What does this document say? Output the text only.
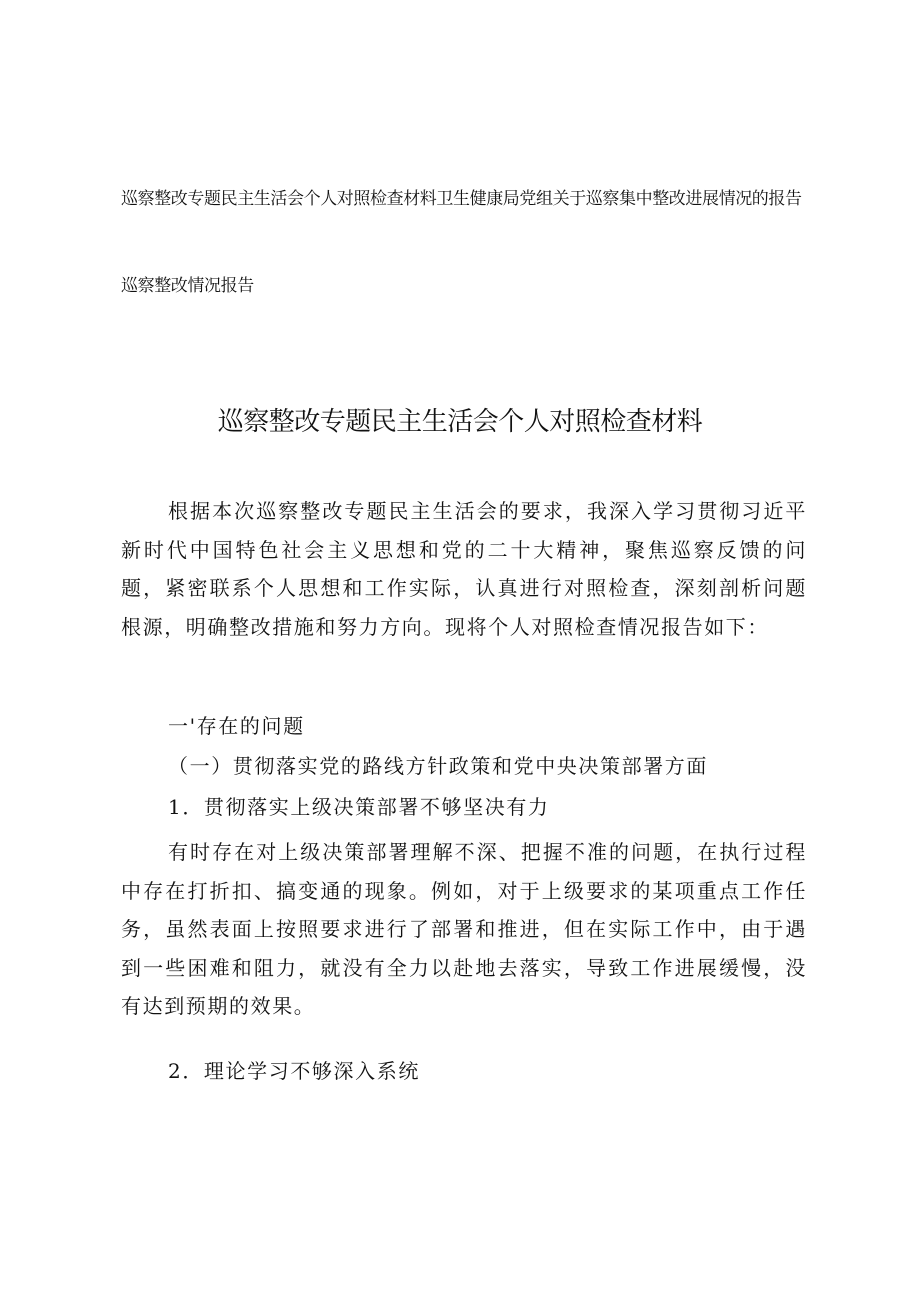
巡察整改专题民主生活会个人对照检查材料卫生健康局党组关于巡察集中整改进展情况的报告
巡察整改情况报告
巡察整改专题民主生活会个人对照检查材料

根据本次巡察整改专题民主生活会的要求，我深入学习贯彻习近平新时代中国特色社会主义思想和党的二十大精神，聚焦巡察反馈的问题，紧密联系个人思想和工作实际，认真进行对照检查，深刻剖析问题根源，明确整改措施和努力方向。现将个人对照检查情况报告如下：

一'存在的问题
（一）贯彻落实党的路线方针政策和党中央决策部署方面
1．贯彻落实上级决策部署不够坚决有力

有时存在对上级决策部署理解不深、把握不准的问题，在执行过程中存在打折扣、搞变通的现象。例如，对于上级要求的某项重点工作任务，虽然表面上按照要求进行了部署和推进，但在实际工作中，由于遇到一些困难和阻力，就没有全力以赴地去落实，导致工作进展缓慢，没有达到预期的效果。

2．理论学习不够深入系统
